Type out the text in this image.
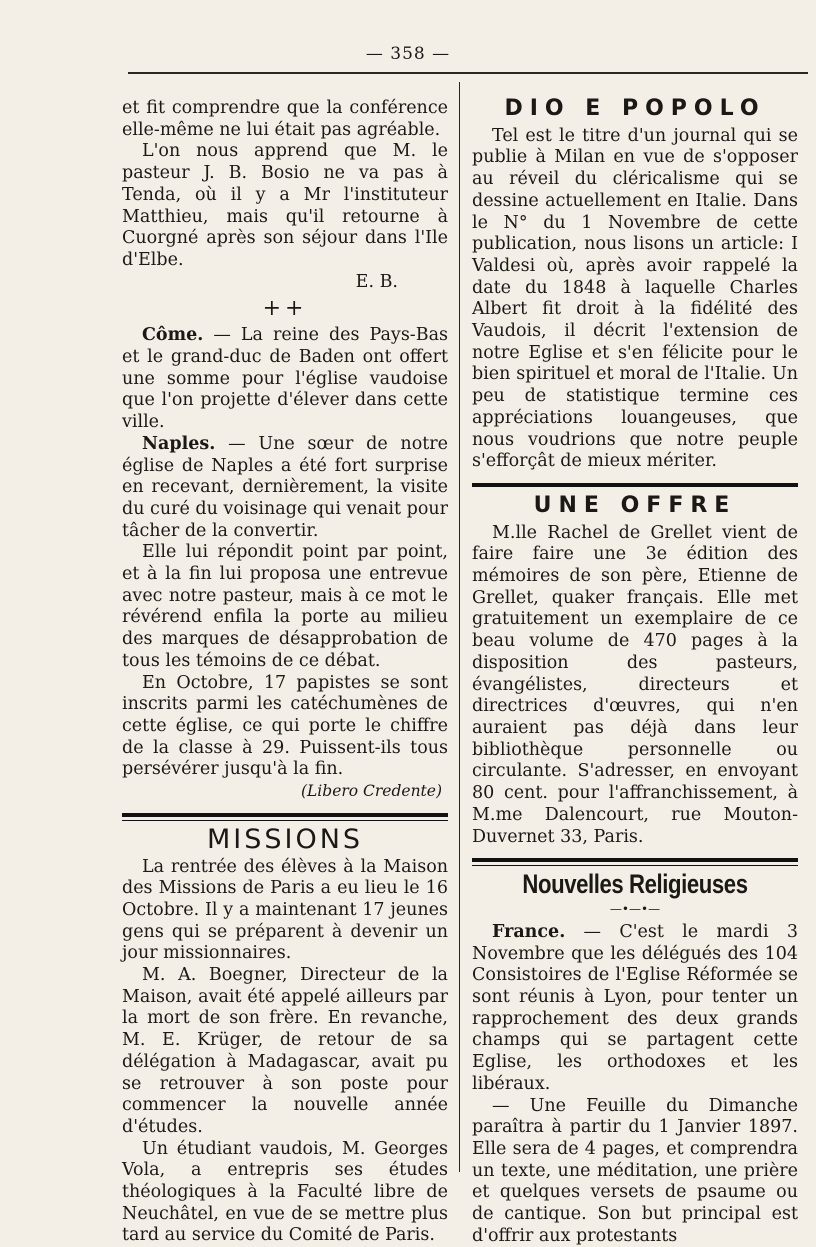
— 358 —

et fit comprendre que la conférence elle-même ne lui était pas agréable.

L'on nous apprend que M. le pasteur J. B. Bosio ne va pas à Tenda, où il y a Mr l'instituteur Matthieu, mais qu'il retourne à Cuorgné après son séjour dans l'Ile d'Elbe.

E. B.
++

Côme. — La reine des Pays-Bas et le grand-duc de Baden ont offert une somme pour l'église vaudoise que l'on projette d'élever dans cette ville.

Naples. — Une sœur de notre église de Naples a été fort surprise en recevant, dernièrement, la visite du curé du voisinage qui venait pour tâcher de la convertir.

Elle lui répondit point par point, et à la fin lui proposa une entrevue avec notre pasteur, mais à ce mot le révérend enfila la porte au milieu des marques de désapprobation de tous les témoins de ce débat.

En Octobre, 17 papistes se sont inscrits parmi les catéchumènes de cette église, ce qui porte le chiffre de la classe à 29. Puissent-ils tous persévérer jusqu'à la fin.

(Libero Credente)
MISSIONS

La rentrée des élèves à la Maison des Missions de Paris a eu lieu le 16 Octobre. Il y a maintenant 17 jeunes gens qui se préparent à devenir un jour missionnaires.

M. A. Boegner, Directeur de la Maison, avait été appelé ailleurs par la mort de son frère. En revanche, M. E. Krüger, de retour de sa délégation à Madagascar, avait pu se retrouver à son poste pour commencer la nouvelle année d'études.

Un étudiant vaudois, M. Georges Vola, a entrepris ses études théologiques à la Faculté libre de Neuchâtel, en vue de se mettre plus tard au service du Comité de Paris.

DIO E POPOLO

Tel est le titre d'un journal qui se publie à Milan en vue de s'opposer au réveil du cléricalisme qui se dessine actuellement en Italie. Dans le N° du 1 Novembre de cette publication, nous lisons un article: I Valdesi où, après avoir rappelé la date du 1848 à laquelle Charles Albert fit droit à la fidélité des Vaudois, il décrit l'extension de notre Eglise et s'en félicite pour le bien spirituel et moral de l'Italie. Un peu de statistique termine ces appréciations louangeuses, que nous voudrions que notre peuple s'efforçât de mieux mériter.

UNE OFFRE

M.lle Rachel de Grellet vient de faire faire une 3e édition des mémoires de son père, Etienne de Grellet, quaker français. Elle met gratuitement un exemplaire de ce beau volume de 470 pages à la disposition des pasteurs, évangélistes, directeurs et directrices d'œuvres, qui n'en auraient pas déjà dans leur bibliothèque personnelle ou circulante. S'adresser, en envoyant 80 cent. pour l'affranchissement, à M.me Dalencourt, rue Mouton-Duvernet 33, Paris.

Nouvelles Religieuses
—•—•—

France. — C'est le mardi 3 Novembre que les délégués des 104 Consistoires de l'Eglise Réformée se sont réunis à Lyon, pour tenter un rapprochement des deux grands champs qui se partagent cette Eglise, les orthodoxes et les libéraux.

— Une Feuille du Dimanche paraîtra à partir du 1 Janvier 1897. Elle sera de 4 pages, et comprendra un texte, une méditation, une prière et quelques versets de psaume ou de cantique. Son but principal est d'offrir aux protestants
